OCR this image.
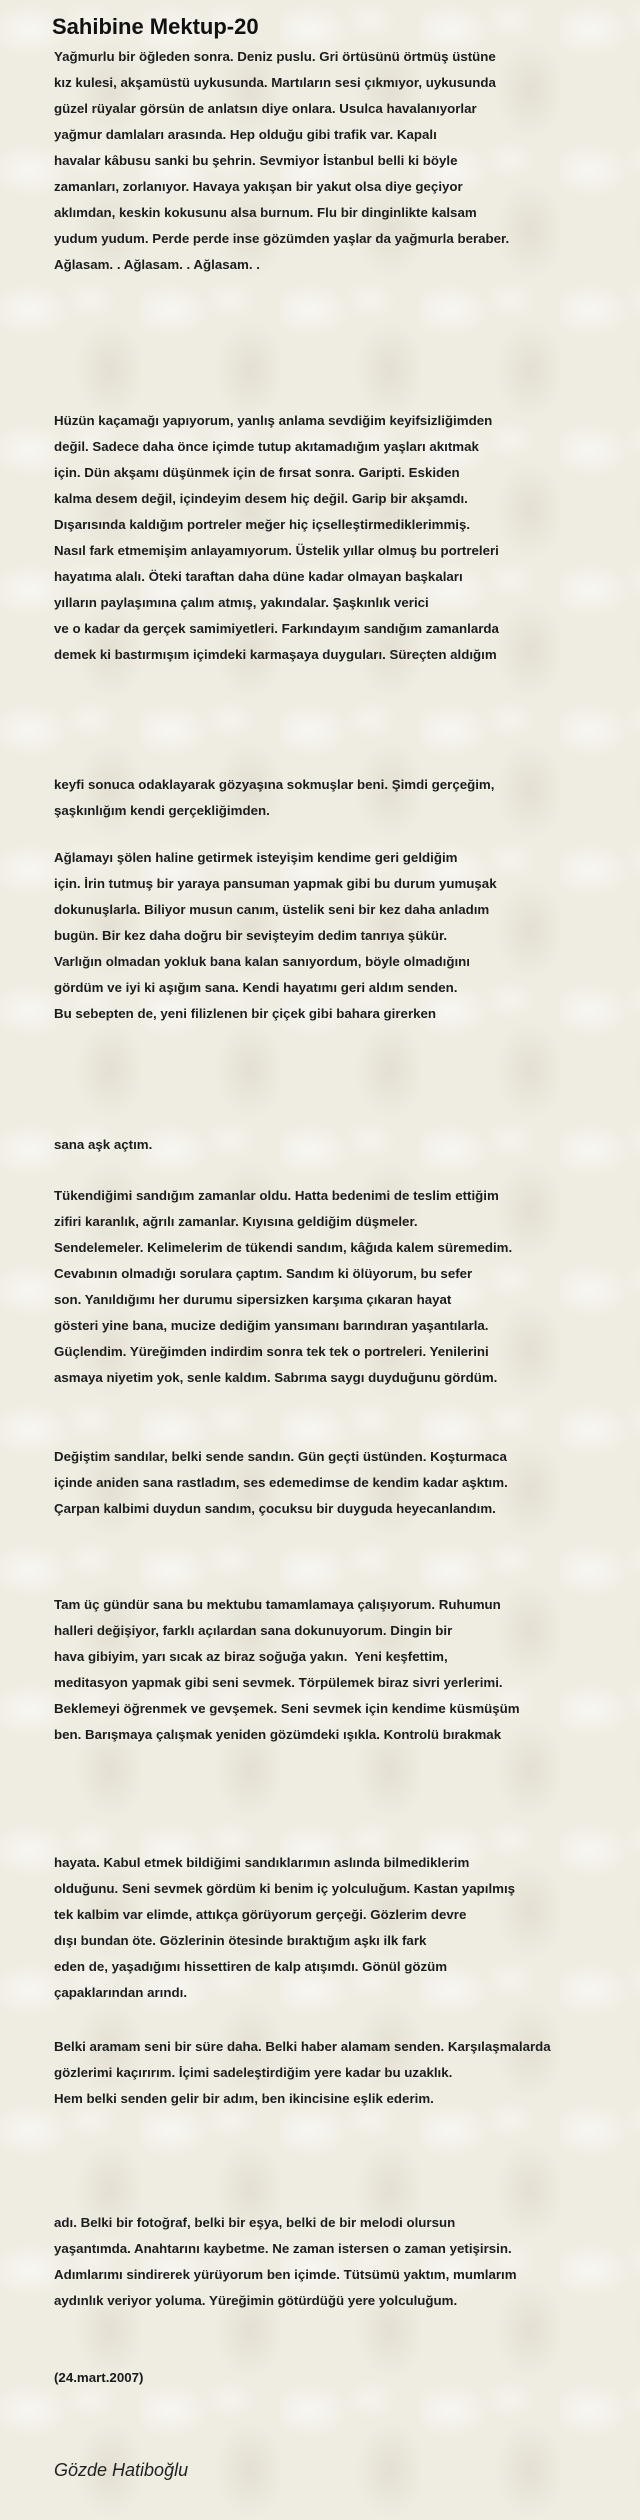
Sahibine Mektup-20

Yağmurlu bir öğleden sonra. Deniz puslu. Gri örtüsünü örtmüş üstüne
kız kulesi, akşamüstü uykusunda. Martıların sesi çıkmıyor, uykusunda
güzel rüyalar görsün de anlatsın diye onlara. Usulca havalanıyorlar
yağmur damlaları arasında. Hep olduğu gibi trafik var. Kapalı
havalar kâbusu sanki bu şehrin. Sevmiyor İstanbul belli ki böyle
zamanları, zorlanıyor. Havaya yakışan bir yakut olsa diye geçiyor
aklımdan, keskin kokusunu alsa burnum. Flu bir dinginlikte kalsam
yudum yudum. Perde perde inse gözümden yaşlar da yağmurla beraber.
Ağlasam. . Ağlasam. . Ağlasam. .

Hüzün kaçamağı yapıyorum, yanlış anlama sevdiğim keyifsizliğimden
değil. Sadece daha önce içimde tutup akıtamadığım yaşları akıtmak
için. Dün akşamı düşünmek için de fırsat sonra. Garipti. Eskiden
kalma desem değil, içindeyim desem hiç değil. Garip bir akşamdı.
Dışarısında kaldığım portreler meğer hiç içselleştirmediklerimmiş.
Nasıl fark etmemişim anlayamıyorum. Üstelik yıllar olmuş bu portreleri
hayatıma alalı. Öteki taraftan daha düne kadar olmayan başkaları
yılların paylaşımına çalım atmış, yakındalar. Şaşkınlık verici
ve o kadar da gerçek samimiyetleri. Farkındayım sandığım zamanlarda
demek ki bastırmışım içimdeki karmaşaya duyguları. Süreçten aldığım

keyfi sonuca odaklayarak gözyaşına sokmuşlar beni. Şimdi gerçeğim,
şaşkınlığım kendi gerçekliğimden.

Ağlamayı şölen haline getirmek isteyişim kendime geri geldiğim
için. İrin tutmuş bir yaraya pansuman yapmak gibi bu durum yumuşak
dokunuşlarla. Biliyor musun canım, üstelik seni bir kez daha anladım
bugün. Bir kez daha doğru bir sevişteyim dedim tanrıya şükür.
Varlığın olmadan yokluk bana kalan sanıyordum, böyle olmadığını
gördüm ve iyi ki aşığım sana. Kendi hayatımı geri aldım senden.
Bu sebepten de, yeni filizlenen bir çiçek gibi bahara girerken

sana aşk açtım.

Tükendiğimi sandığım zamanlar oldu. Hatta bedenimi de teslim ettiğim
zifiri karanlık, ağrılı zamanlar. Kıyısına geldiğim düşmeler.
Sendelemeler. Kelimelerim de tükendi sandım, kâğıda kalem süremedim.
Cevabının olmadığı sorulara çaptım. Sandım ki ölüyorum, bu sefer
son. Yanıldığımı her durumu sipersizken karşıma çıkaran hayat
gösteri yine bana, mucize dediğim yansımanı barındıran yaşantılarla.
Güçlendim. Yüreğimden indirdim sonra tek tek o portreleri. Yenilerini
asmaya niyetim yok, senle kaldım. Sabrıma saygı duyduğunu gördüm.

Değiştim sandılar, belki sende sandın. Gün geçti üstünden. Koşturmaca
içinde aniden sana rastladım, ses edemedimse de kendim kadar aşktım.
Çarpan kalbimi duydun sandım, çocuksu bir duyguda heyecanlandım.

Tam üç gündür sana bu mektubu tamamlamaya çalışıyorum. Ruhumun
halleri değişiyor, farklı açılardan sana dokunuyorum. Dingin bir
hava gibiyim, yarı sıcak az biraz soğuğa yakın.  Yeni keşfettim,
meditasyon yapmak gibi seni sevmek. Törpülemek biraz sivri yerlerimi.
Beklemeyi öğrenmek ve gevşemek. Seni sevmek için kendime küsmüşüm
ben. Barışmaya çalışmak yeniden gözümdeki ışıkla. Kontrolü bırakmak

hayata. Kabul etmek bildiğimi sandıklarımın aslında bilmediklerim
olduğunu. Seni sevmek gördüm ki benim iç yolculuğum. Kastan yapılmış
tek kalbim var elimde, attıkça görüyorum gerçeği. Gözlerim devre
dışı bundan öte. Gözlerinin ötesinde bıraktığım aşkı ilk fark
eden de, yaşadığımı hissettiren de kalp atışımdı. Gönül gözüm
çapaklarından arındı.

Belki aramam seni bir süre daha. Belki haber alamam senden. Karşılaşmalarda
gözlerimi kaçırırım. İçimi sadeleştirdiğim yere kadar bu uzaklık.
Hem belki senden gelir bir adım, ben ikincisine eşlik ederim.

adı. Belki bir fotoğraf, belki bir eşya, belki de bir melodi olursun
yaşantımda. Anahtarını kaybetme. Ne zaman istersen o zaman yetişirsin.
Adımlarımı sindirerek yürüyorum ben içimde. Tütsümü yaktım, mumlarım
aydınlık veriyor yoluma. Yüreğimin götürdüğü yere yolculuğum.

(24.mart.2007)

Gözde Hatiboğlu
